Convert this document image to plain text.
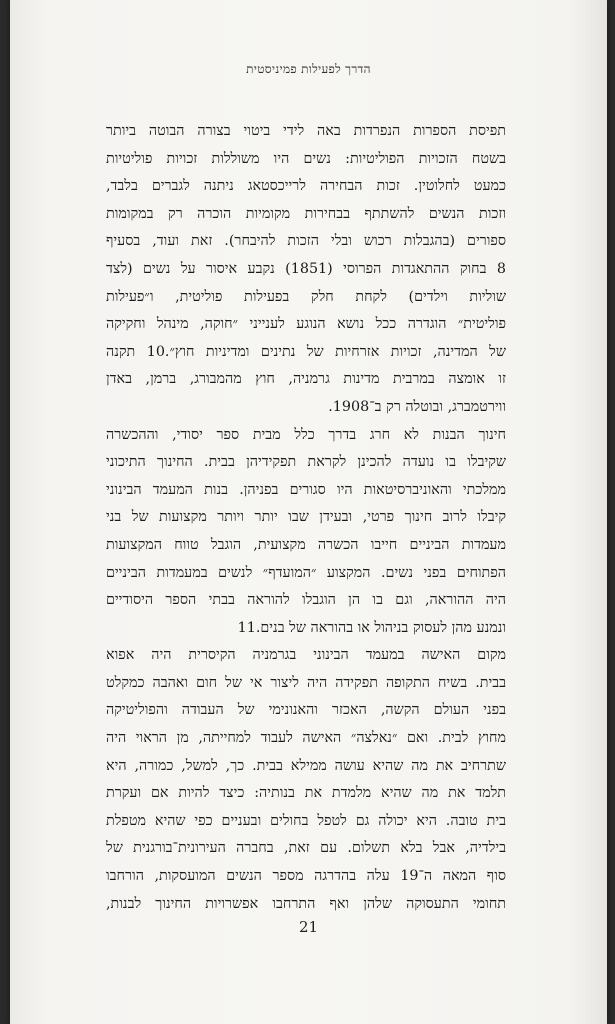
הדרך לפעילות פמיניסטית
תפיסת הספרות הנפרדות באה לידי ביטוי בצורה הבוטה ביותר
בשטח הזכויות הפוליטיות: נשים היו משוללות זכויות פוליטיות
כמעט לחלוטין. זכות הבחירה לרייכסטאג ניתנה לגברים בלבד,
וזכות הנשים להשתתף בבחירות מקומיות הוכרה רק במקומות
ספורים (בהגבלות רכוש ובלי הזכות להיבחר). זאת ועוד, בסעיף
8 בחוק ההתאגדות הפרוסי (1851) נקבע איסור על נשים (לצד
שוליות וילדים) לקחת חלק בפעילות פוליטית, ו״פעילות
פוליטית״ הוגדרה ככל נושא הנוגע לענייני ״חוקה, מינהל וחקיקה
של המדינה, זכויות אזרחיות של נתינים ומדיניות חוץ״.10 תקנה
זו אומצה במרבית מדינות גרמניה, חוץ מהמבורג, ברמן, באדן
ווירטמברג, ובוטלה רק ב־1908.
חינוך הבנות לא חרג בדרך כלל מבית ספר יסודי, וההכשרה
שקיבלו בו נועדה להכינן לקראת תפקידיהן בבית. החינוך התיכוני
ממלכתי והאוניברסיטאות היו סגורים בפניהן. בנות המעמד הבינוני
קיבלו לרוב חינוך פרטי, ובעידן שבו יותר ויותר מקצועות של בני
מעמדות הביניים חייבו הכשרה מקצועית, הוגבל טווח המקצועות
הפתוחים בפני נשים. המקצוע ״המועדף״ לנשים במעמדות הביניים
היה ההוראה, וגם בו הן הוגבלו להוראה בבתי הספר היסודיים
ונמנע מהן לעסוק בניהול או בהוראה של בנים.11
מקום האישה במעמד הבינוני בגרמניה הקיסרית היה אפוא
בבית. בשיח התקופה תפקידה היה ליצור אי של חום ואהבה כמקלט
בפני העולם הקשה, האכזר והאנונימי של העבודה והפוליטיקה
מחוץ לבית. ואם ״נאלצה״ האישה לעבוד למחייתה, מן הראוי היה
שתרחיב את מה שהיא עושה ממילא בבית. כך, למשל, כמורה, היא
תלמד את מה שהיא מלמדת את בנותיה: כיצד להיות אם ועקרת
בית טובה. היא יכולה גם לטפל בחולים ובעניים כפי שהיא מטפלת
בילדיה, אבל בלא תשלום. עם זאת, בחברה העירונית־בורגנית של
סוף המאה ה־19 עלה בהדרגה מספר הנשים המועסקות, הורחבו
תחומי התעסוקה שלהן ואף התרחבו אפשרויות החינוך לבנות,
21
